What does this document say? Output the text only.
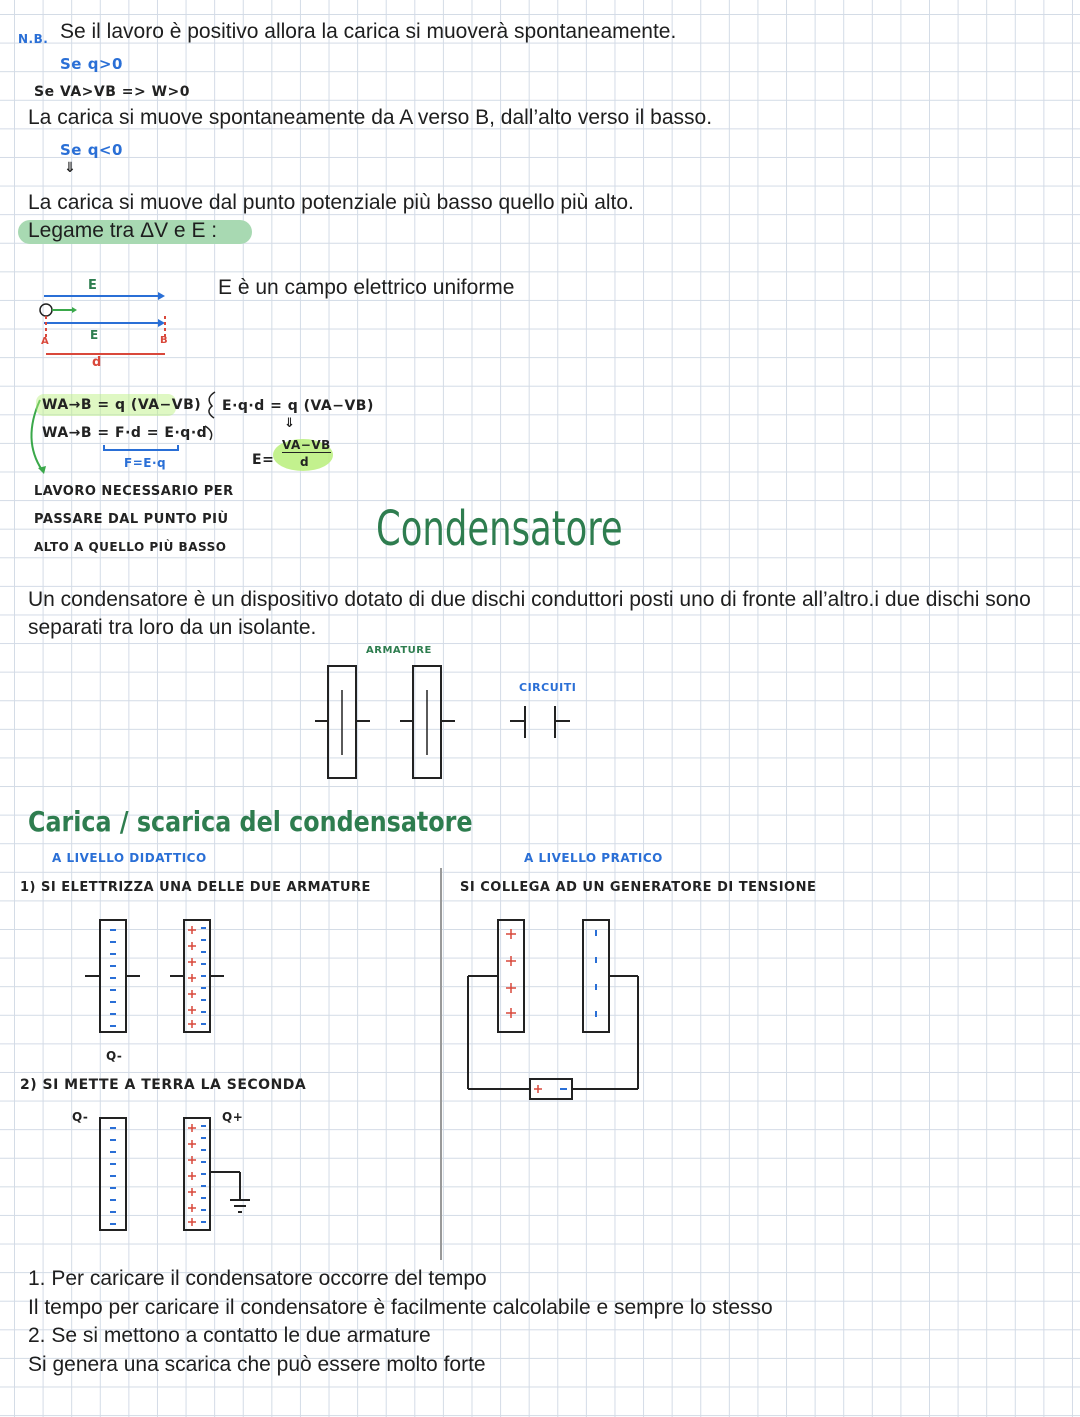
N.B. Se il lavoro è positivo allora la carica si muoverà spontaneamente.
Se q>0
Se VA>VB => W>0
La carica si muove spontaneamente da A verso B, dall’alto verso il basso.
Se q<0
⇓
La carica si muove dal punto potenziale più basso quello più alto.
Legame tra ΔV e E :
E
E
A	B
d
E è un campo elettrico uniforme
WA→B = q (VA−VB)
WA→B = F·d = E·q·d
F=E·q
E·q·d = q (VA−VB)
⇓
E=
VA−VB
d
LAVORO NECESSARIO PER
PASSARE DAL PUNTO PIÙ
ALTO A QUELLO PIÙ BASSO	Condensatore
Un condensatore è un dispositivo dotato di due dischi conduttori posti uno di fronte all’altro.i due dischi sono separati tra loro da un isolante.
ARMATURE
CIRCUITI
Carica / scarica del condensatore
A LIVELLO DIDATTICO
1) SI ELETTRIZZA UNA DELLE DUE ARMATURE
A LIVELLO PRATICO
SI COLLEGA AD UN GENERATORE DI TENSIONE
Q-
2) SI METTE A TERRA LA SECONDA
Q-	Q+
1. Per caricare il condensatore occorre del tempo
Il tempo per caricare il condensatore è facilmente calcolabile e sempre lo stesso
2. Se si mettono a contatto le due armature
Si genera una scarica che può essere molto forte
